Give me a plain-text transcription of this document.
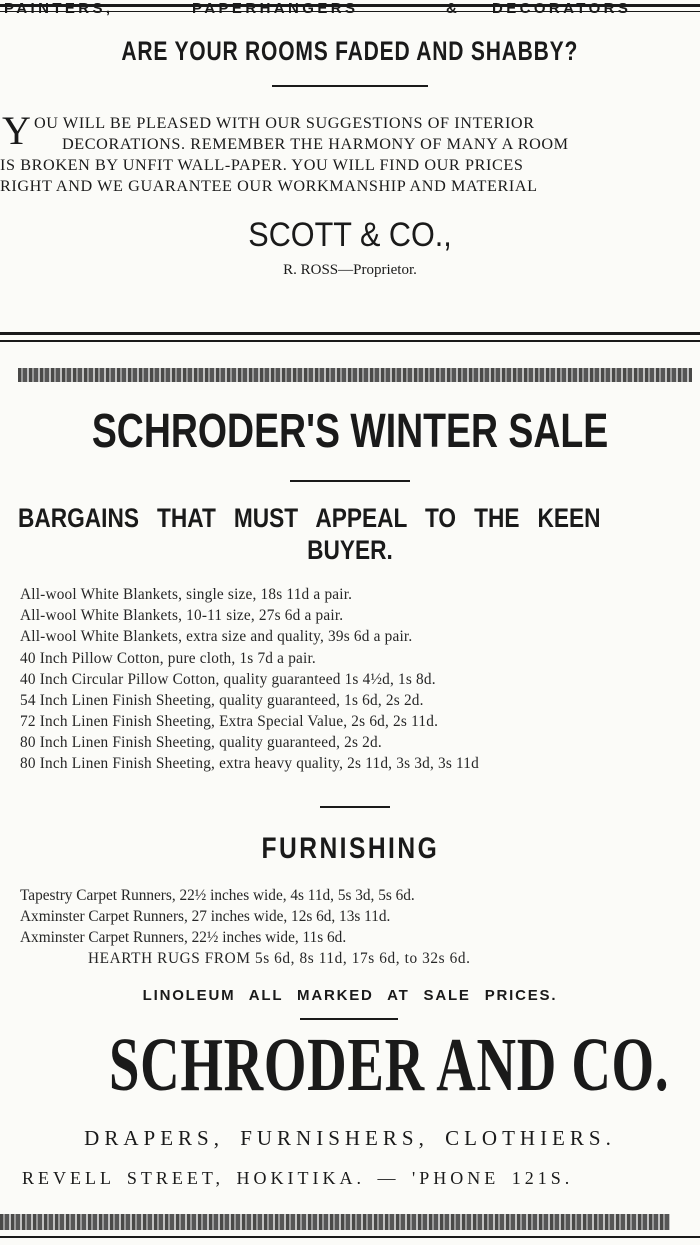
ARE YOUR ROOMS FADED AND SHABBY?
Y OU WILL BE PLEASED WITH OUR SUGGESTIONS OF INTERIOR
DECORATIONS. REMEMBER THE HARMONY OF MANY A ROOM
IS BROKEN BY UNFIT WALL-PAPER. YOU WILL FIND OUR PRICES
RIGHT AND WE GUARANTEE OUR WORKMANSHIP AND MATERIAL
SCOTT & CO.,
R. ROSS—Proprietor.
PAINTERS,	PAPERHANGERS	& DECORATORS
SCHRODER'S WINTER SALE
BARGAINS THAT MUST APPEAL TO THE KEEN
BUYER.
All-wool White Blankets, single size, 18s 11d a pair.
All-wool White Blankets, 10-11 size, 27s 6d a pair.
All-wool White Blankets, extra size and quality, 39s 6d a pair.
40 Inch Pillow Cotton, pure cloth, 1s 7d a pair.
40 Inch Circular Pillow Cotton, quality guaranteed 1s 4½d, 1s 8d.
54 Inch Linen Finish Sheeting, quality guaranteed, 1s 6d, 2s 2d.
72 Inch Linen Finish Sheeting, Extra Special Value, 2s 6d, 2s 11d.
80 Inch Linen Finish Sheeting, quality guaranteed, 2s 2d.
80 Inch Linen Finish Sheeting, extra heavy quality, 2s 11d, 3s 3d, 3s 11d
FURNISHING
Tapestry Carpet Runners, 22½ inches wide, 4s 11d, 5s 3d, 5s 6d.
Axminster Carpet Runners, 27 inches wide, 12s 6d, 13s 11d.
Axminster Carpet Runners, 22½ inches wide, 11s 6d.
HEARTH RUGS FROM 5s 6d, 8s 11d, 17s 6d, to 32s 6d.
LINOLEUM ALL MARKED AT SALE PRICES.
SCHRODER AND CO.
DRAPERS, FURNISHERS, CLOTHIERS.
REVELL STREET, HOKITIKA. — 'PHONE 121S.
